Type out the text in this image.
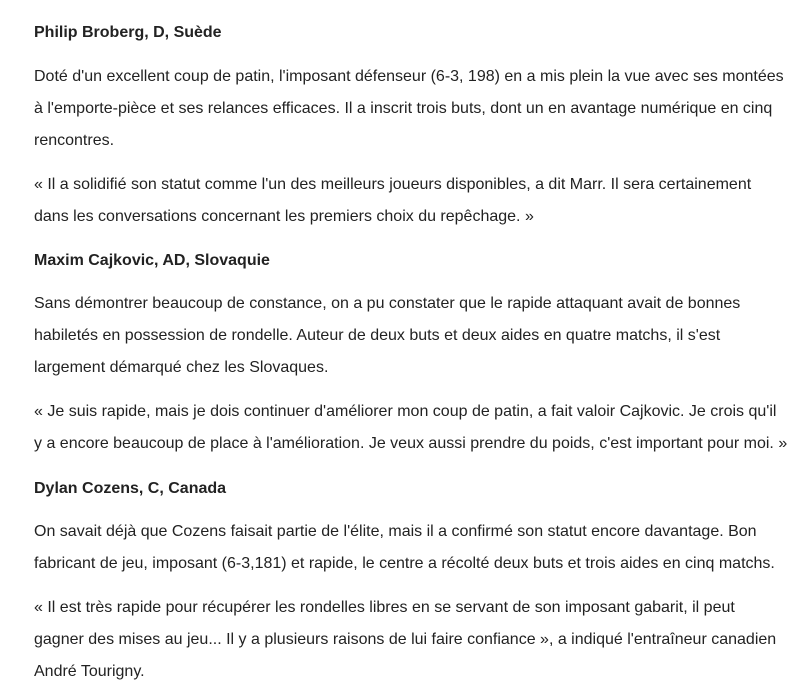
Philip Broberg, D, Suède

Doté d'un excellent coup de patin, l'imposant défenseur (6-3, 198) en a mis plein la vue avec ses montées
à l'emporte-pièce et ses relances efficaces. Il a inscrit trois buts, dont un en avantage numérique en cinq
rencontres.

« Il a solidifié son statut comme l'un des meilleurs joueurs disponibles, a dit Marr. Il sera certainement
dans les conversations concernant les premiers choix du repêchage. »

Maxim Cajkovic, AD, Slovaquie

Sans démontrer beaucoup de constance, on a pu constater que le rapide attaquant avait de bonnes
habiletés en possession de rondelle. Auteur de deux buts et deux aides en quatre matchs, il s'est
largement démarqué chez les Slovaques.

« Je suis rapide, mais je dois continuer d'améliorer mon coup de patin, a fait valoir Cajkovic. Je crois qu'il
y a encore beaucoup de place à l'amélioration. Je veux aussi prendre du poids, c'est important pour moi. »

Dylan Cozens, C, Canada

On savait déjà que Cozens faisait partie de l'élite, mais il a confirmé son statut encore davantage. Bon
fabricant de jeu, imposant (6-3,181) et rapide, le centre a récolté deux buts et trois aides en cinq matchs.

« Il est très rapide pour récupérer les rondelles libres en se servant de son imposant gabarit, il peut
gagner des mises au jeu... Il y a plusieurs raisons de lui faire confiance », a indiqué l'entraîneur canadien
André Tourigny.
